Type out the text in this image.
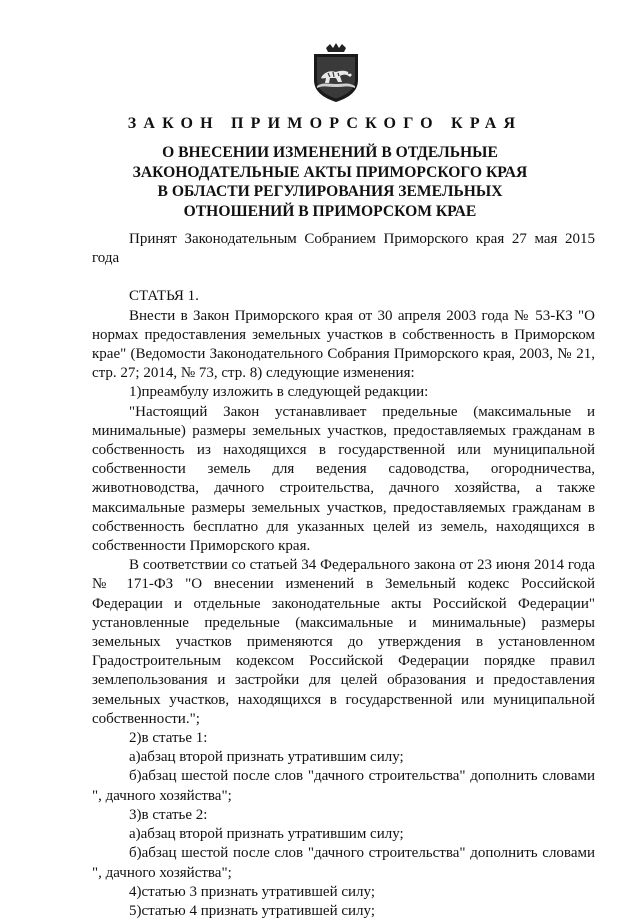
ЗАКОН ПРИМОРСКОГО КРАЯ
О ВНЕСЕНИИ ИЗМЕНЕНИЙ В ОТДЕЛЬНЫЕ
ЗАКОНОДАТЕЛЬНЫЕ АКТЫ ПРИМОРСКОГО КРАЯ
В ОБЛАСТИ РЕГУЛИРОВАНИЯ ЗЕМЕЛЬНЫХ
ОТНОШЕНИЙ В ПРИМОРСКОМ КРАЕ

Принят Законодательным Собранием Приморского края 27 мая 2015 года

СТАТЬЯ 1.

Внести в Закон Приморского края от 30 апреля 2003 года № 53-КЗ "О нормах предоставления земельных участков в собственность в Приморском крае" (Ведомости Законодательного Собрания Приморского края, 2003, № 21, стр. 27; 2014, № 73, стр. 8) следующие изменения:

1)преамбулу изложить в следующей редакции:

"Настоящий Закон устанавливает предельные (максимальные и минимальные) размеры земельных участков, предоставляемых гражданам в собственность из находящихся в государственной или муниципальной собственности земель для ведения садоводства, огородничества, животноводства, дачного строительства, дачного хозяйства, а также максимальные размеры земельных участков, предоставляемых гражданам в собственность бесплатно для указанных целей из земель, находящихся в собственности Приморского края.

В соответствии со статьей 34 Федерального закона от 23 июня 2014 года № 171-ФЗ "О внесении изменений в Земельный кодекс Российской Федерации и отдельные законодательные акты Российской Федерации" установленные предельные (максимальные и минимальные) размеры земельных участков применяются до утверждения в установленном Градостроительным кодексом Российской Федерации порядке правил землепользования и застройки для целей образования и предоставления земельных участков, находящихся в государственной или муниципальной собственности.";

2)в статье 1:

а)абзац второй признать утратившим силу;

б)абзац шестой после слов "дачного строительства" дополнить словами ", дачного хозяйства";

3)в статье 2:

а)абзац второй признать утратившим силу;

б)абзац шестой после слов "дачного строительства" дополнить словами ", дачного хозяйства";

4)статью 3 признать утратившей силу;

5)статью 4 признать утратившей силу;
